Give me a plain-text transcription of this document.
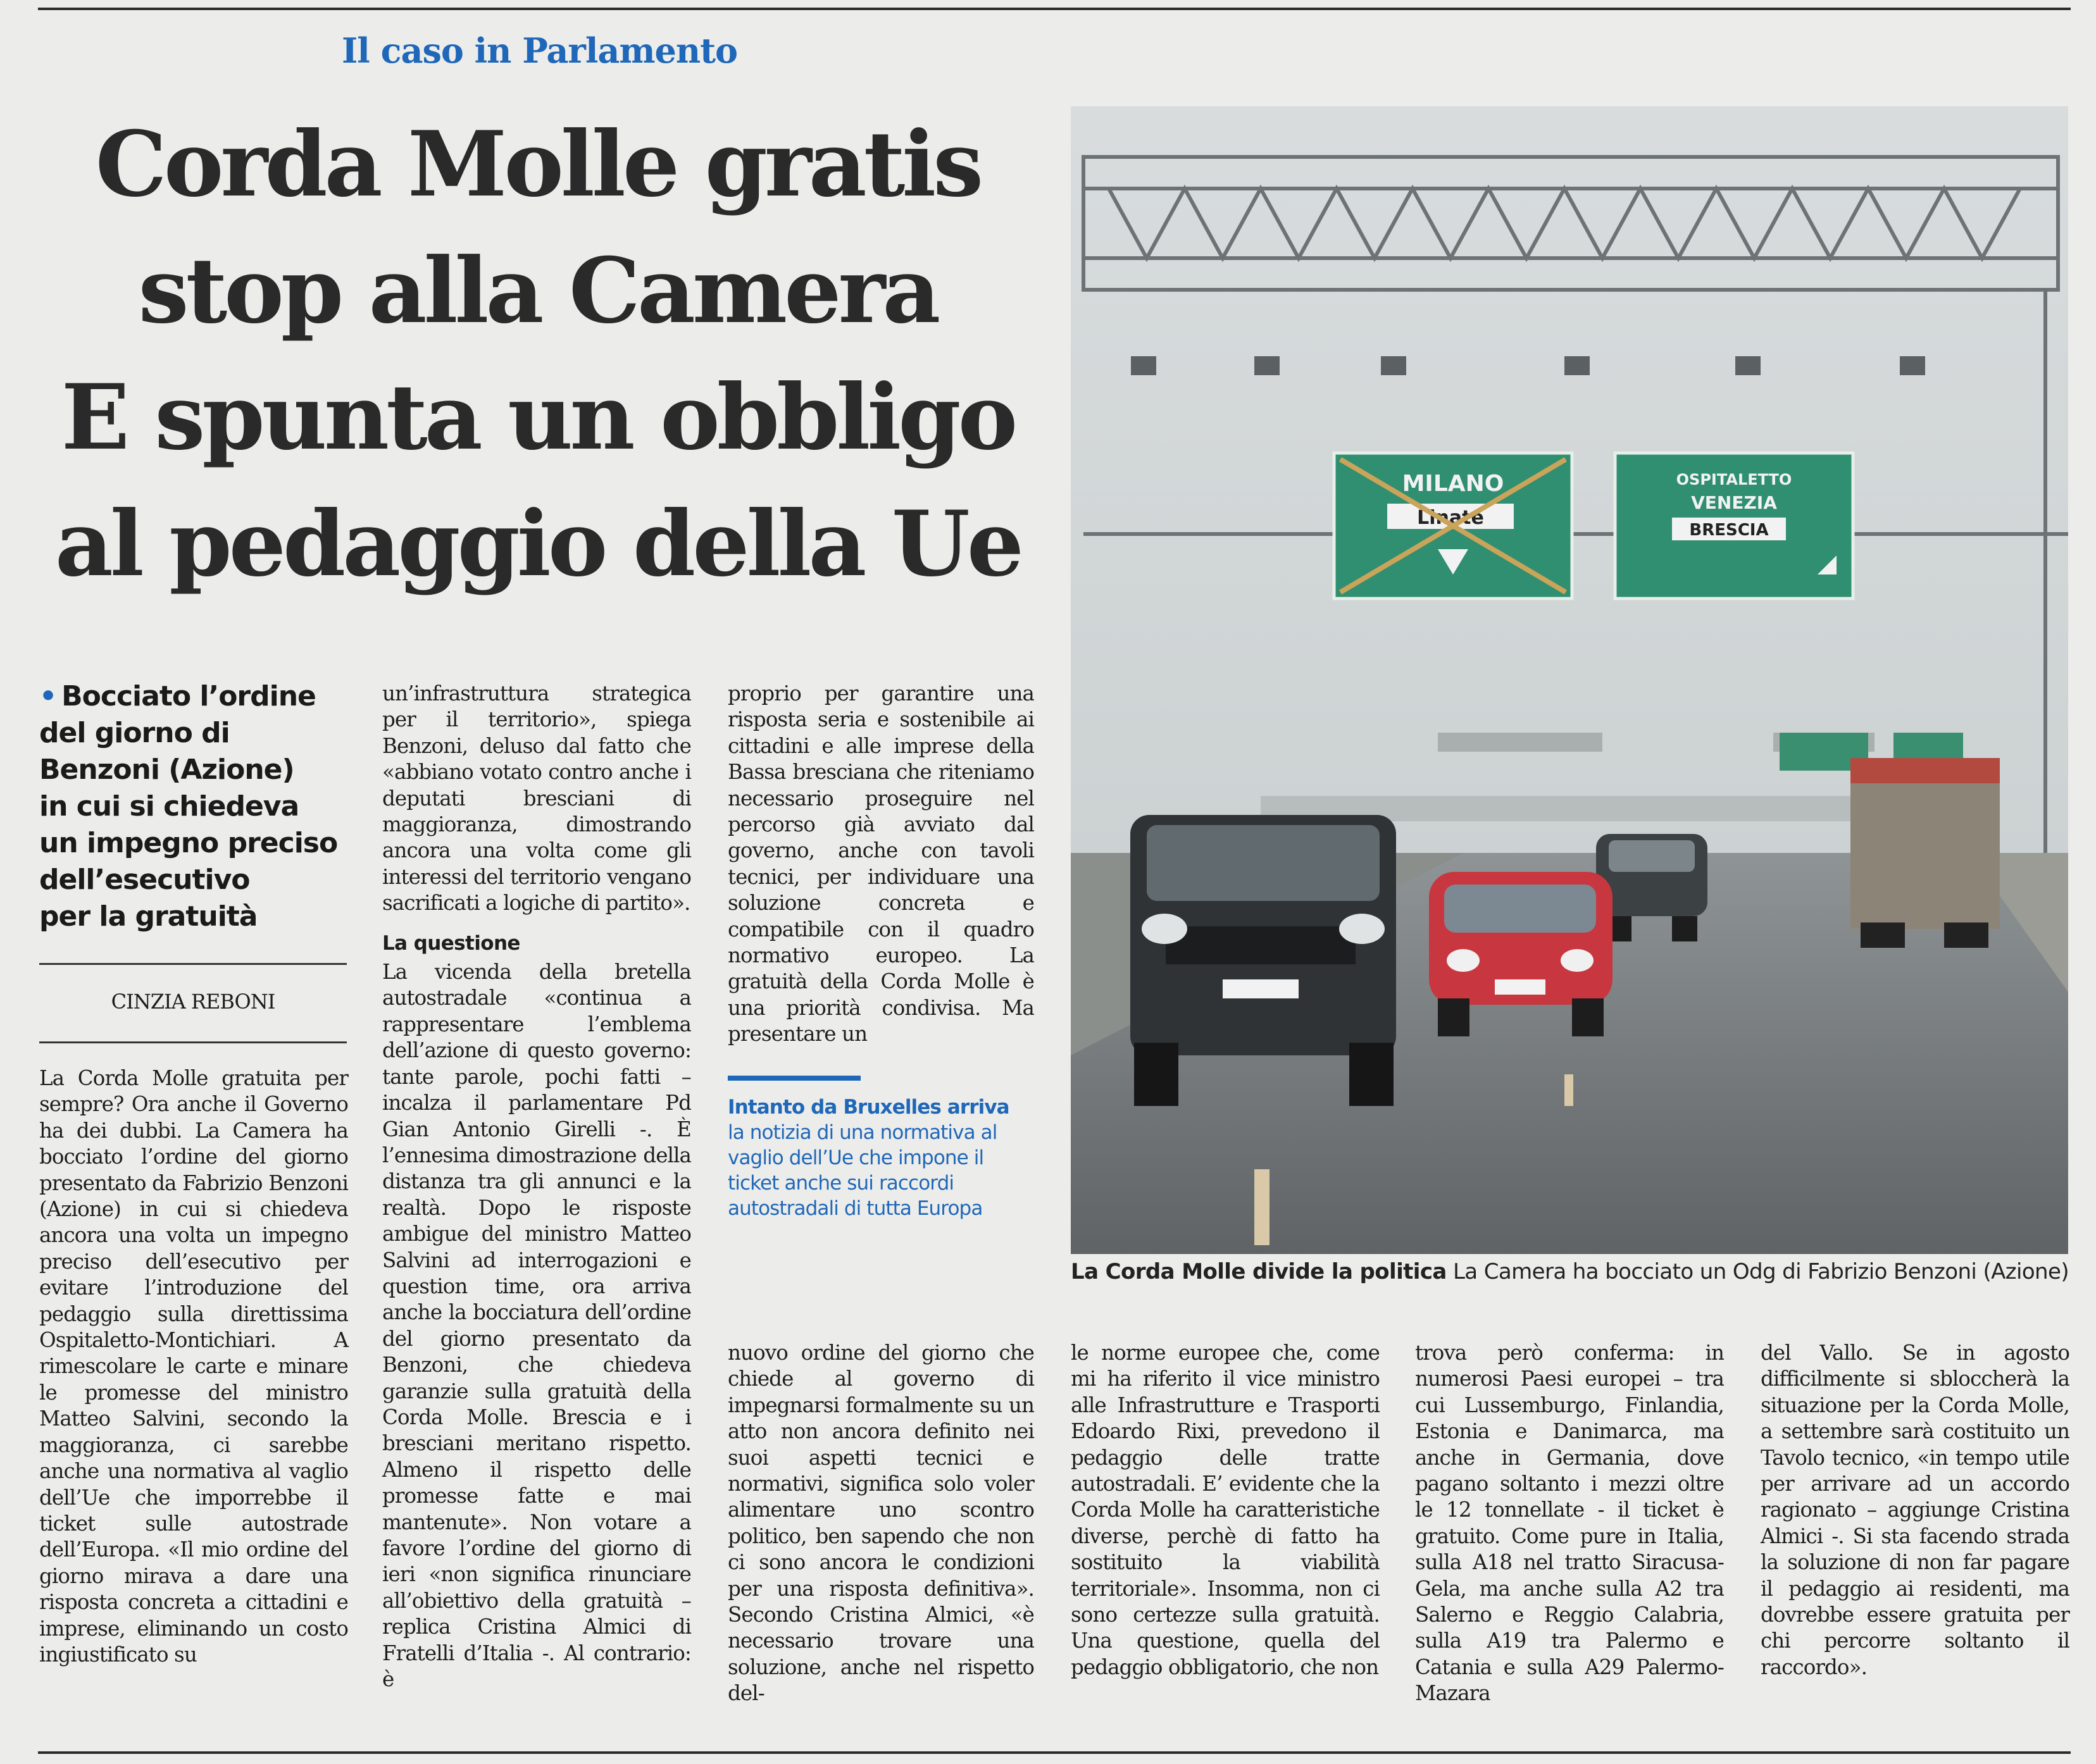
Il caso in Parlamento
Corda Molle gratis
stop alla Camera
E spunta un obbligo
al pedaggio della Ue
MILANO
Linate
OSPITALETTO
VENEZIA
BRESCIA
La Corda Molle divide la politica La Camera ha bocciato un Odg di Fabrizio Benzoni (Azione)
• Bocciato l’ordine
del giorno di
Benzoni (Azione)
in cui si chiedeva
un impegno preciso
dell’esecutivo
per la gratuità
CINZIA REBONI

La Corda Molle gratuita per sempre? Ora anche il Governo ha dei dubbi. La Camera ha bocciato l’ordine del giorno presentato da Fabrizio Benzoni (Azione) in cui si chiedeva ancora una volta un impegno preciso dell’esecutivo per evitare l’introduzione del pedaggio sulla direttissima Ospitaletto-Montichiari. A rimescolare le carte e minare le promesse del ministro Matteo Salvini, secondo la maggioranza, ci sarebbe anche una normativa al vaglio dell’Ue che imporrebbe il ticket sulle autostrade dell’Europa. «Il mio ordine del giorno mirava a dare una risposta concreta a cittadini e imprese, eliminando un costo ingiustificato su

un’infrastruttura strategica per il territorio», spiega Benzoni, deluso dal fatto che «abbiano votato contro anche i deputati bresciani di maggioranza, dimostrando ancora una volta come gli interessi del territorio vengano sacrificati a logiche di partito».

La questione

La vicenda della bretella autostradale «continua a rappresentare l’emblema dell’azione di questo governo: tante parole, pochi fatti – incalza il parlamentare Pd Gian Antonio Girelli -. È l’ennesima dimostrazione della distanza tra gli annunci e la realtà. Dopo le risposte ambigue del ministro Matteo Salvini ad interrogazioni e question time, ora arriva anche la bocciatura dell’ordine del giorno presentato da Benzoni, che chiedeva garanzie sulla gratuità della Corda Molle. Brescia e i bresciani meritano rispetto. Almeno il rispetto delle promesse fatte e mai mantenute». Non votare a favore l’ordine del giorno di ieri «non significa rinunciare all’obiettivo della gratuità – replica Cristina Almici di Fratelli d’Italia -. Al contrario: è

proprio per garantire una risposta seria e sostenibile ai cittadini e alle imprese della Bassa bresciana che riteniamo necessario proseguire nel percorso già avviato dal governo, anche con tavoli tecnici, per individuare una soluzione concreta e compatibile con il quadro normativo europeo. La gratuità della Corda Molle è una priorità condivisa. Ma presentare un

Intanto da Bruxelles arriva
la notizia di una normativa al vaglio dell’Ue che impone il ticket anche sui raccordi autostradali di tutta Europa

nuovo ordine del giorno che chiede al governo di impegnarsi formalmente su un atto non ancora definito nei suoi aspetti tecnici e normativi, significa solo voler alimentare uno scontro politico, ben sapendo che non ci sono ancora le condizioni per una risposta definitiva». Secondo Cristina Almici, «è necessario trovare una soluzione, anche nel rispetto del-

le norme europee che, come mi ha riferito il vice ministro alle Infrastrutture e Trasporti Edoardo Rixi, prevedono il pedaggio delle tratte autostradali. E’ evidente che la Corda Molle ha caratteristiche diverse, perchè di fatto ha sostituito la viabilità territoriale». Insomma, non ci sono certezze sulla gratuità. Una questione, quella del pedaggio obbligatorio, che non

trova però conferma: in numerosi Paesi europei – tra cui Lussemburgo, Finlandia, Estonia e Danimarca, ma anche in Germania, dove pagano soltanto i mezzi oltre le 12 tonnellate - il ticket è gratuito. Come pure in Italia, sulla A18 nel tratto Siracusa-Gela, ma anche sulla A2 tra Salerno e Reggio Calabria, sulla A19 tra Palermo e Catania e sulla A29 Palermo-Mazara

del Vallo. Se in agosto difficilmente si sbloccherà la situazione per la Corda Molle, a settembre sarà costituito un Tavolo tecnico, «in tempo utile per arrivare ad un accordo ragionato – aggiunge Cristina Almici -. Si sta facendo strada la soluzione di non far pagare il pedaggio ai residenti, ma dovrebbe essere gratuita per chi percorre soltanto il raccordo».
